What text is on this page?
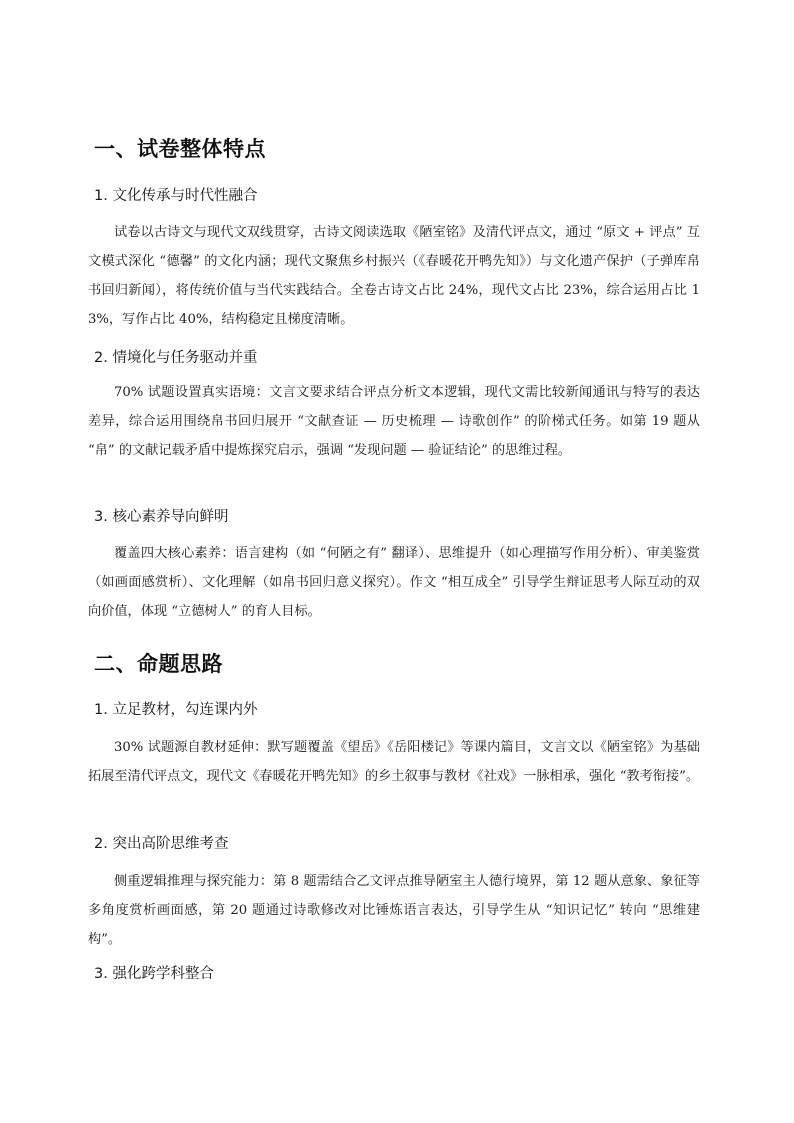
一、试卷整体特点
1. 文化传承与时代性融合
试卷以古诗文与现代文双线贯穿，古诗文阅读选取《陋室铭》及清代评点文，通过 “原文 + 评点” 互文模式深化 “德馨” 的文化内涵；现代文聚焦乡村振兴（《春暖花开鸭先知》）与文化遗产保护（子弹库帛书回归新闻），将传统价值与当代实践结合。全卷古诗文占比 24%，现代文占比 23%，综合运用占比 13%，写作占比 40%，结构稳定且梯度清晰。
2. 情境化与任务驱动并重
70% 试题设置真实语境：文言文要求结合评点分析文本逻辑，现代文需比较新闻通讯与特写的表达差异，综合运用围绕帛书回归展开 “文献查证 — 历史梳理 — 诗歌创作” 的阶梯式任务。如第 19 题从 “帛” 的文献记载矛盾中提炼探究启示，强调 “发现问题 — 验证结论” 的思维过程。
3. 核心素养导向鲜明
覆盖四大核心素养：语言建构（如 “何陋之有” 翻译）、思维提升（如心理描写作用分析）、审美鉴赏（如画面感赏析）、文化理解（如帛书回归意义探究）。作文 “相互成全” 引导学生辩证思考人际互动的双向价值，体现 “立德树人” 的育人目标。
二、命题思路
1. 立足教材，勾连课内外
30% 试题源自教材延伸：默写题覆盖《望岳》《岳阳楼记》等课内篇目，文言文以《陋室铭》为基础拓展至清代评点文，现代文《春暖花开鸭先知》的乡土叙事与教材《社戏》一脉相承，强化 “教考衔接”。
2. 突出高阶思维考查
侧重逻辑推理与探究能力：第 8 题需结合乙文评点推导陋室主人德行境界，第 12 题从意象、象征等多角度赏析画面感，第 20 题通过诗歌修改对比锤炼语言表达，引导学生从 “知识记忆” 转向 “思维建构”。
3. 强化跨学科整合
